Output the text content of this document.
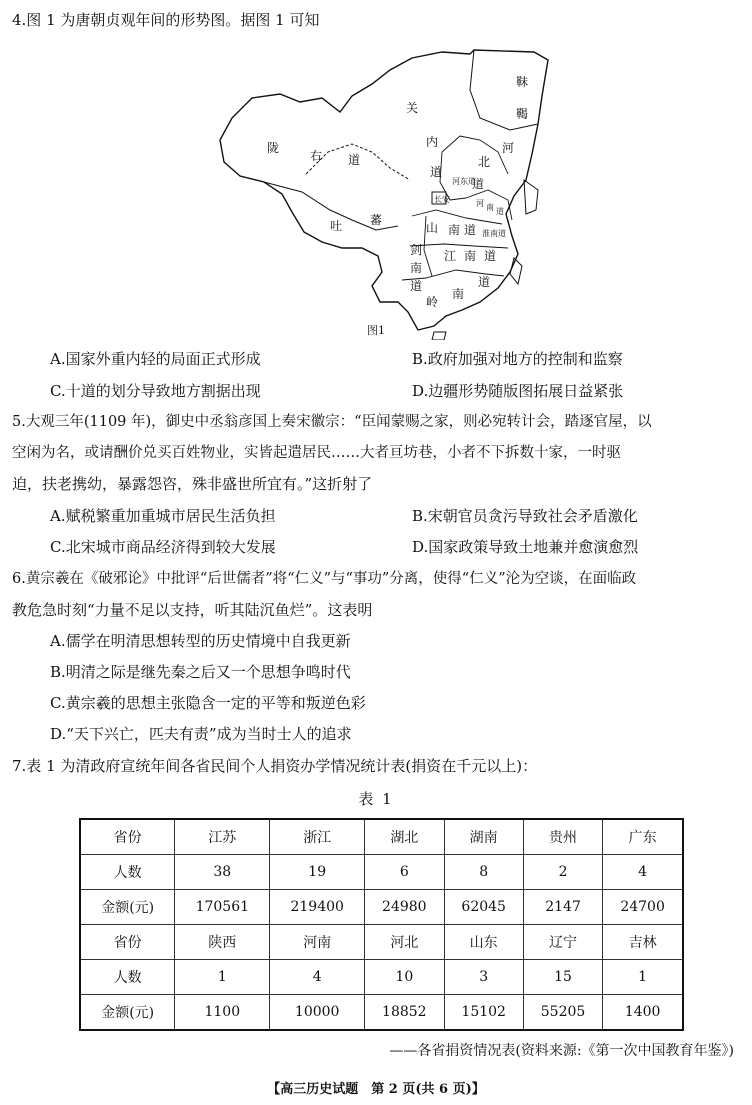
4.图 1 为唐朝贞观年间的形势图。据图 1 可知
关
内
道
靺
鞨
陇
右 道
吐 蕃
河
北
道
河东道
河 南 道
长安
山 南 道 淮南道
剑
南
道
江 南 道
岭
南
道
图1
A.国家外重内轻的局面正式形成	B.政府加强对地方的控制和监察
C.十道的划分导致地方割据出现	D.边疆形势随版图拓展日益紧张
5.大观三年(1109 年)，御史中丞翁彦国上奏宋徽宗：“臣闻蒙赐之家，则必宛转计会，踏逐官屋，以
空闲为名，或请酬价兑买百姓物业，实皆起遣居民……大者亘坊巷，小者不下拆数十家，一时驱
迫，扶老携幼，暴露怨咨，殊非盛世所宜有。”这折射了
A.赋税繁重加重城市居民生活负担	B.宋朝官员贪污导致社会矛盾激化
C.北宋城市商品经济得到较大发展	D.国家政策导致土地兼并愈演愈烈
6.黄宗羲在《破邪论》中批评“后世儒者”将“仁义”与“事功”分离，使得“仁义”沦为空谈，在面临政
教危急时刻“力量不足以支持，听其陆沉鱼烂”。这表明
A.儒学在明清思想转型的历史情境中自我更新
B.明清之际是继先秦之后又一个思想争鸣时代
C.黄宗羲的思想主张隐含一定的平等和叛逆色彩
D.“天下兴亡，匹夫有责”成为当时士人的追求
7.表 1 为清政府宣统年间各省民间个人捐资办学情况统计表(捐资在千元以上)：
表 1
省份	江苏	浙江	湖北	湖南	贵州	广东
人数	38	19	6	8	2	4
金额(元)	170561	219400	24980	62045	2147	24700
省份	陕西	河南	河北	山东	辽宁	吉林
人数	1	4	10	3	15	1
金额(元)	1100	10000	18852	15102	55205	1400
——各省捐资情况表(资料来源:《第一次中国教育年鉴》)
【高三历史试题　第 2 页(共 6 页)】
